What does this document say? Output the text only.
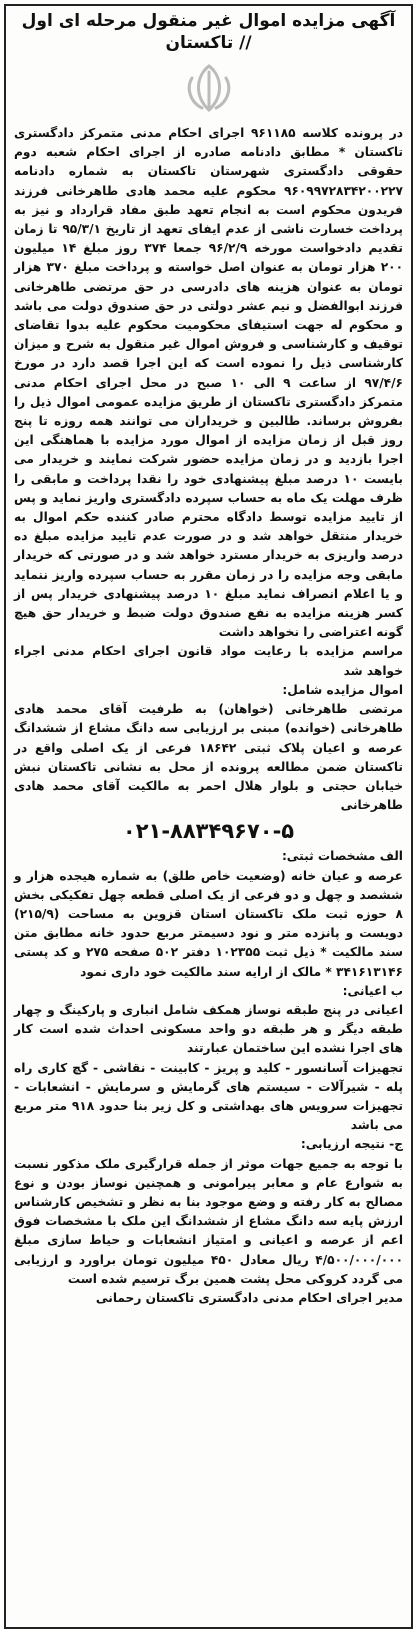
آگهی مزایده اموال غیر منقول مرحله ای اول // تاکستان

در پرونده کلاسه ۹۶۱۱۸۵ اجرای احکام مدنی متمرکز دادگستری تاکستان * مطابق دادنامه صادره از اجرای احکام شعبه دوم حقوقی دادگستری شهرستان تاکستان به شماره دادنامه ۹۶۰۹۹۷۲۸۳۴۲۰۰۲۲۷ محکوم علیه محمد هادی طاهرخانی فرزند فریدون محکوم است به انجام تعهد طبق مفاد قرارداد و نیز به پرداخت خسارت ناشی از عدم ایفای تعهد از تاریخ ۹۵/۳/۱ تا زمان تقدیم دادخواست مورخه ۹۶/۲/۹ جمعا ۳۷۴ روز مبلغ ۱۴ میلیون ۲۰۰ هزار تومان به عنوان اصل خواسته و پرداخت مبلغ ۳۷۰ هزار تومان به عنوان هزینه های دادرسی در حق مرتضی طاهرخانی فرزند ابوالفضل و نیم عشر دولتی در حق صندوق دولت می باشد و محکوم له جهت استیفای محکومیت محکوم علیه بدوا تقاضای توقیف و کارشناسی و فروش اموال غیر منقول به شرح و میزان کارشناسی ذیل را نموده است که این اجرا قصد دارد در مورخ ۹۷/۴/۶ از ساعت ۹ الی ۱۰ صبح در محل اجرای احکام مدنی متمرکز دادگستری تاکستان از طریق مزایده عمومی اموال ذیل را بفروش برساند. طالبین و خریداران می توانند همه روزه تا پنج روز قبل از زمان مزایده از اموال مورد مزایده با هماهنگی این اجرا بازدید و در زمان مزایده حضور شرکت نمایند و خریدار می بایست ۱۰ درصد مبلغ پیشنهادی خود را نقدا پرداخت و مابقی را ظرف مهلت یک ماه به حساب سپرده دادگستری واریز نماید و پس از تایید مزایده توسط دادگاه محترم صادر کننده حکم اموال به خریدار منتقل خواهد شد و در صورت عدم تایید مزایده مبلغ ده درصد واریزی به خریدار مسترد خواهد شد و در صورتی که خریدار مابقی وجه مزایده را در زمان مقرر به حساب سپرده واریز ننماید و یا اعلام انصراف نماید مبلغ ۱۰ درصد پیشنهادی خریدار پس از کسر هزینه مزایده به نفع صندوق دولت ضبط و خریدار حق هیچ گونه اعتراضی را نخواهد داشت

مراسم مزایده با رعایت مواد قانون اجرای احکام مدنی اجراء خواهد شد

اموال مزایده شامل:

مرتضی طاهرخانی (خواهان) به طرفیت آقای محمد هادی طاهرخانی (خوانده) مبنی بر ارزیابی سه دانگ مشاع از ششدانگ عرصه و اعیان پلاک ثبتی ۱۸۶۴۲ فرعی از یک اصلی واقع در تاکستان ضمن مطالعه پرونده از محل به نشانی تاکستان نبش خیابان حجتی و بلوار هلال احمر به مالکیت آقای محمد هادی طاهرخانی

۰۲۱-۸۸۳۴۹۶۷۰-۵

الف مشخصات ثبتی:

عرصه و عیان خانه (وضعیت خاص طلق) به شماره هیجده هزار و ششصد و چهل و دو فرعی از یک اصلی قطعه چهل تفکیکی بخش ۸ حوزه ثبت ملک تاکستان استان قزوین به مساحت (۲۱۵/۹) دویست و پانزده متر و نود دسیمتر مربع حدود خانه مطابق متن سند مالکیت * ذیل ثبت ۱۰۲۳۵۵ دفتر ۵۰۲ صفحه ۲۷۵ و کد پستی ۳۴۱۶۱۳۱۴۶ * مالک از ارایه سند مالکیت خود داری نمود

ب اعیانی:

اعیانی در پنج طبقه نوساز همکف شامل انباری و پارکینگ و چهار طبقه دیگر و هر طبقه دو واحد مسکونی احداث شده است کار های اجرا نشده این ساختمان عبارتند

تجهیزات آسانسور - کلید و پریز - کابینت - نقاشی - گچ کاری راه پله - شیرآلات - سیستم های گرمایش و سرمایش - انشعابات - تجهیزات سرویس های بهداشتی و کل زیر بنا حدود ۹۱۸ متر مربع می باشد

ج- نتیجه ارزیابی:

با توجه به جمیع جهات موثر از جمله قرارگیری ملک مذکور نسبت به شوارع عام و معابر پیرامونی و همچنین نوساز بودن و نوع مصالح به کار رفته و وضع موجود بنا به نظر و تشخیص کارشناس ارزش پایه سه دانگ مشاع از ششدانگ این ملک با مشخصات فوق اعم از عرصه و اعیانی و امتیاز انشعابات و حیاط سازی مبلغ ۴/۵۰۰/۰۰۰/۰۰۰ ریال معادل ۴۵۰ میلیون تومان براورد و ارزیابی می گردد کروکی محل پشت همین برگ ترسیم شده است

مدیر اجرای احکام مدنی دادگستری تاکستان رحمانی
